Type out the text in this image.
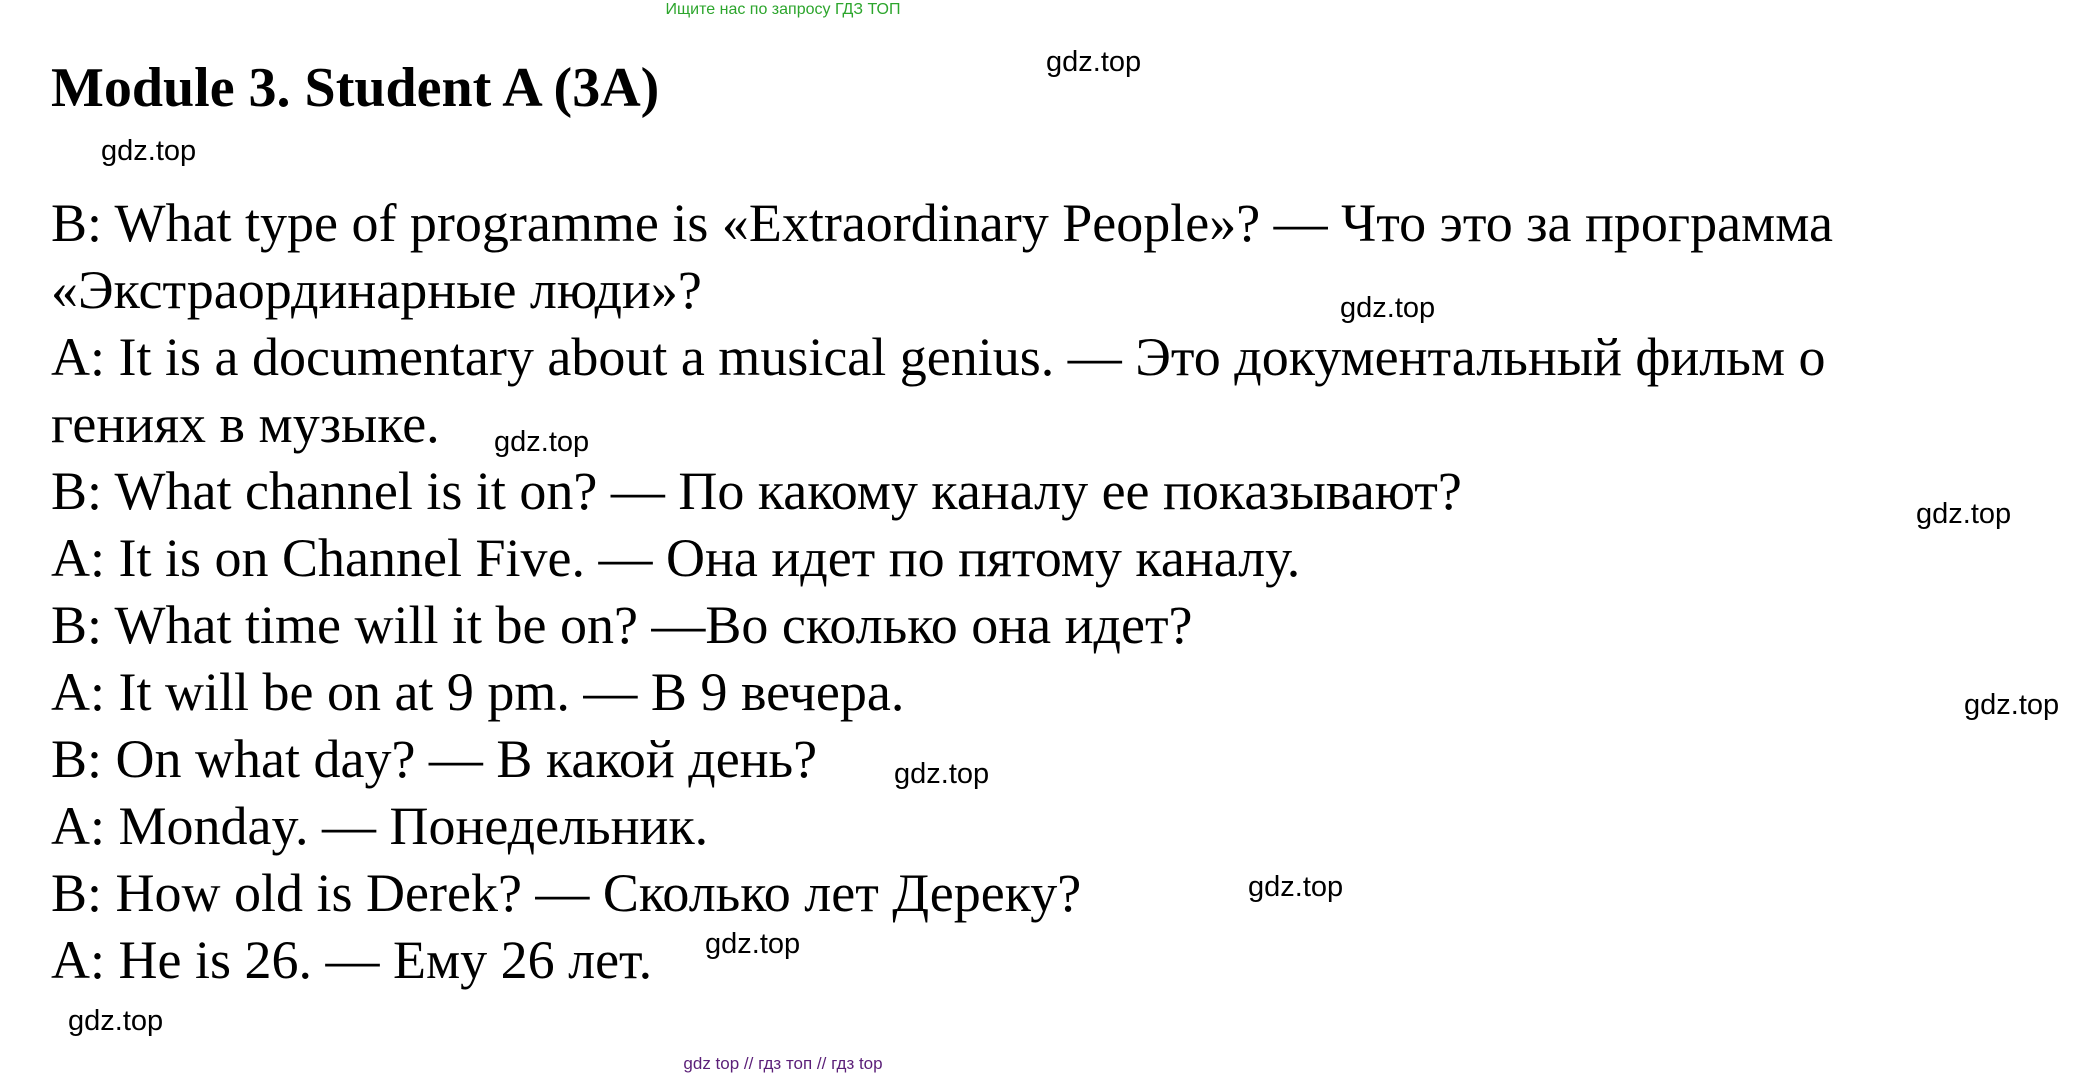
Ищите нас по запросу ГДЗ ТОП
Module 3. Student A (3A)
B: What type of programme is «Extraordinary People»? — Что это за программа
«Экстраординарные люди»?
A: It is a documentary about a musical genius. — Это документальный фильм о
гениях в музыке.
B: What channel is it on? — По какому каналу ее показывают?
A: It is on Channel Five. — Она идет по пятому каналу.
B: What time will it be on? —Во сколько она идет?
A: It will be on at 9 pm. — В 9 вечера.
B: On what day? — В какой день?
A: Monday. — Понедельник.
B: How old is Derek? — Сколько лет Дереку?
A: He is 26. — Ему 26 лет.
gdz.top
gdz.top
gdz.top
gdz.top
gdz.top
gdz.top
gdz.top
gdz.top
gdz.top
gdz.top
gdz top // гдз топ // гдз top
